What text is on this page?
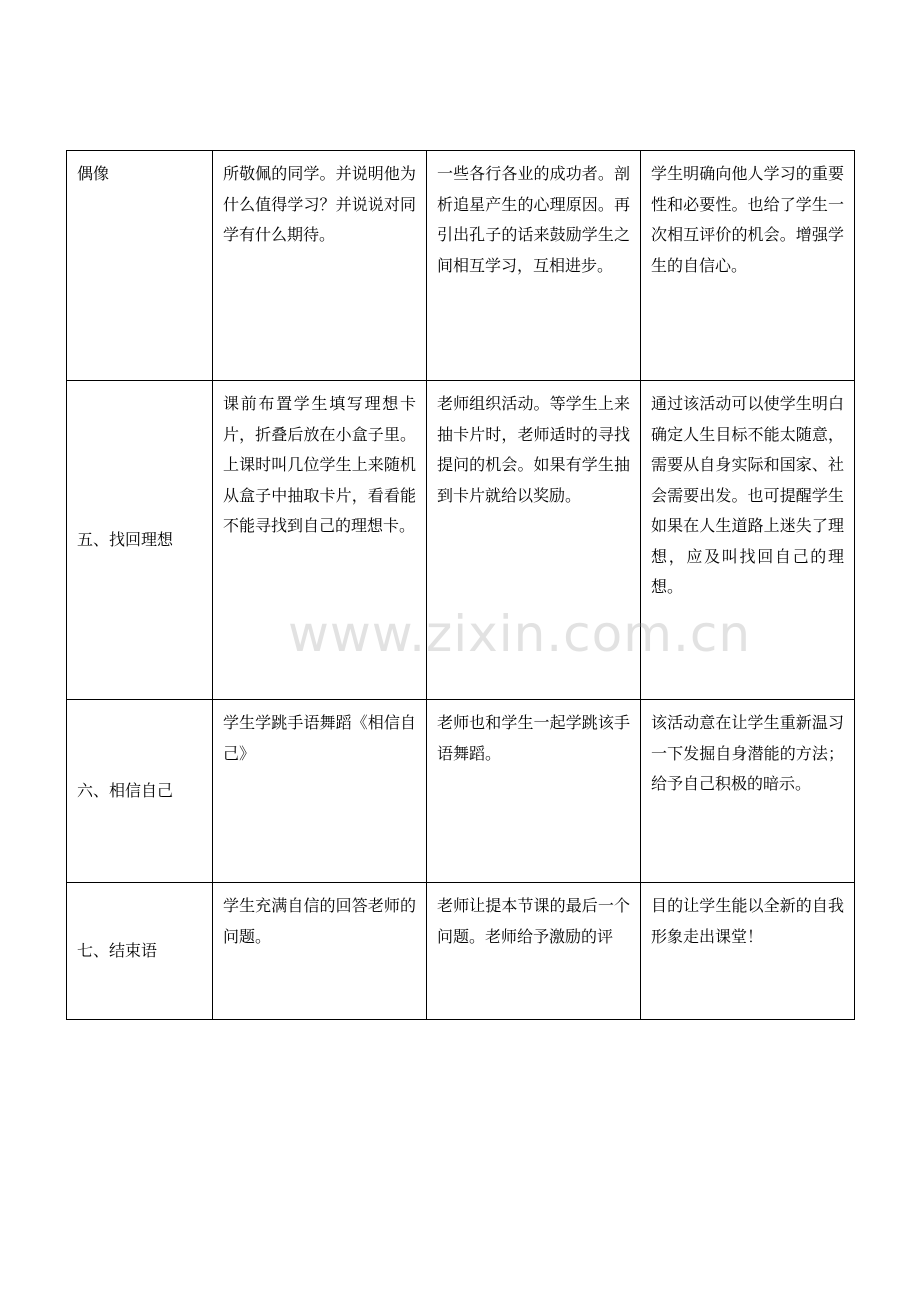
偶像	所敬佩的同学。并说明他为什么值得学习？并说说对同学有什么期待。	一些各行各业的成功者。剖析追星产生的心理原因。再引出孔子的话来鼓励学生之间相互学习，互相进步。	学生明确向他人学习的重要性和必要性。也给了学生一次相互评价的机会。增强学生的自信心。
五、找回理想	课前布置学生填写理想卡片，折叠后放在小盒子里。上课时叫几位学生上来随机从盒子中抽取卡片，看看能不能寻找到自己的理想卡。	老师组织活动。等学生上来抽卡片时，老师适时的寻找提问的机会。如果有学生抽到卡片就给以奖励。	通过该活动可以使学生明白确定人生目标不能太随意，需要从自身实际和国家、社会需要出发。也可提醒学生如果在人生道路上迷失了理想，应及叫找回自己的理想。
六、相信自己	学生学跳手语舞蹈《相信自己》	老师也和学生一起学跳该手语舞蹈。	该活动意在让学生重新温习一下发掘自身潜能的方法；给予自己积极的暗示。
七、结束语	学生充满自信的回答老师的问题。	老师让提本节课的最后一个问题。老师给予激励的评	目的让学生能以全新的自我形象走出课堂！
www.zixin.com.cn
